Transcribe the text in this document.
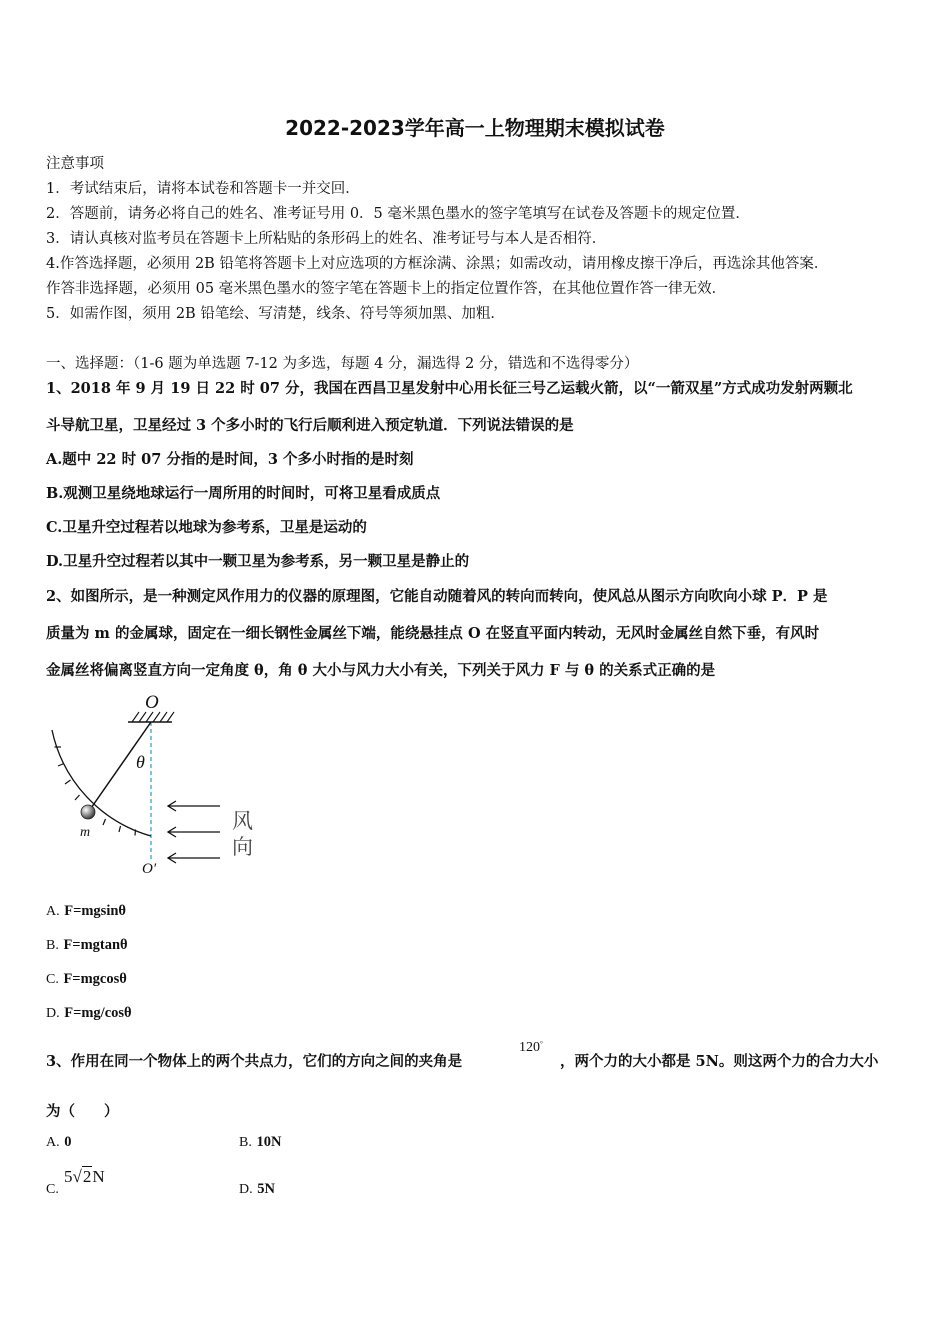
2022-2023学年高一上物理期末模拟试卷
注意事项
1．考试结束后，请将本试卷和答题卡一并交回．
2．答题前，请务必将自己的姓名、准考证号用 0．5 毫米黑色墨水的签字笔填写在试卷及答题卡的规定位置．
3．请认真核对监考员在答题卡上所粘贴的条形码上的姓名、准考证号与本人是否相符．
4.作答选择题，必须用 2B 铅笔将答题卡上对应选项的方框涂满、涂黑；如需改动，请用橡皮擦干净后，再选涂其他答案．
作答非选择题，必须用 05 毫米黑色墨水的签字笔在答题卡上的指定位置作答，在其他位置作答一律无效．
5．如需作图，须用 2B 铅笔绘、写清楚，线条、符号等须加黑、加粗．
一、选择题：（1-6 题为单选题 7-12 为多选，每题 4 分，漏选得 2 分，错选和不选得零分）
1、2018 年 9 月 19 日 22 时 07 分，我国在西昌卫星发射中心用长征三号乙运载火箭，以“一箭双星”方式成功发射两颗北
斗导航卫星，卫星经过 3 个多小时的飞行后顺利进入预定轨道．下列说法错误的是
A.题中 22 时 07 分指的是时间，3 个多小时指的是时刻
B.观测卫星绕地球运行一周所用的时间时，可将卫星看成质点
C.卫星升空过程若以地球为参考系，卫星是运动的
D.卫星升空过程若以其中一颗卫星为参考系，另一颗卫星是静止的
2、如图所示，是一种测定风作用力的仪器的原理图，它能自动随着风的转向而转向，使风总从图示方向吹向小球 P．P 是
质量为 m 的金属球，固定在一细长钢性金属丝下端，能绕悬挂点 O 在竖直平面内转动，无风时金属丝自然下垂，有风时
金属丝将偏离竖直方向一定角度 θ，角 θ 大小与风力大小有关，下列关于风力 F 与 θ 的关系式正确的是
O
θ
m
O′
风
向
A. F=mgsinθ
B. F=mgtanθ
C. F=mgcosθ
D. F=mg/cosθ
3、作用在同一个物体上的两个共点力，它们的方向之间的夹角是
120°
，两个力的大小都是 5N。则这两个力的合力大小
为（　　）
A. 0	B. 10N
C.
5√2N
D. 5N
